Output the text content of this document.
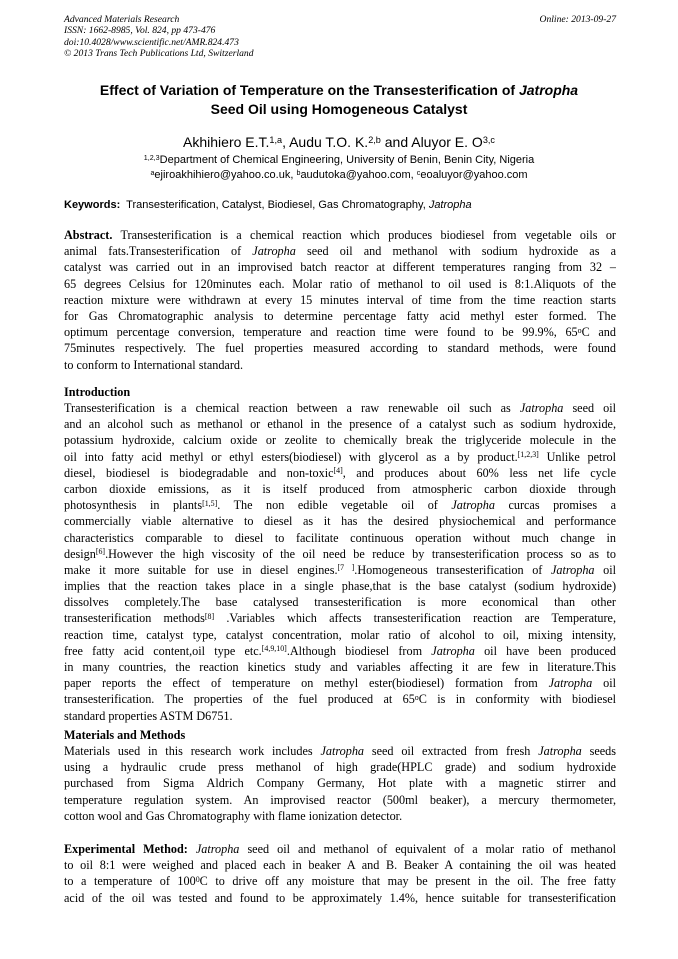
Advanced Materials Research
ISSN: 1662-8985, Vol. 824, pp 473-476
doi:10.4028/www.scientific.net/AMR.824.473
© 2013 Trans Tech Publications Ltd, Switzerland
Online: 2013-09-27
Effect of Variation of Temperature on the Transesterification of Jatropha
Seed Oil using Homogeneous Catalyst
Akhihiero E.T.$^{1,a}$, Audu T.O. K.$^{2,b}$ and Aluyor E. O$^{3,c}$
$^{1,2,3}$Department of Chemical Engineering, University of Benin, Benin City, Nigeria
$^a$ejiroakhihiero@yahoo.co.uk, $^b$audutoka@yahoo.com, $^c$eoaluyor@yahoo.com
Keywords: Transesterification, Catalyst, Biodiesel, Gas Chromatography, Jatropha
Abstract. Transesterification is a chemical reaction which produces biodiesel from vegetable oils or
animal fats.Transesterification of Jatropha seed oil and methanol with sodium hydroxide as a
catalyst was carried out in an improvised batch reactor at different temperatures ranging from 32 –
65 degrees Celsius for 120minutes each. Molar ratio of methanol to oil used is 8:1.Aliquots of the
reaction mixture were withdrawn at every 15 minutes interval of time from the time reaction starts
for Gas Chromatographic analysis to determine percentage fatty acid methyl ester formed. The
optimum percentage conversion, temperature and reaction time were found to be 99.9%, 65$^o$C and
75minutes respectively. The fuel properties measured according to standard methods, were found
to conform to International standard.
Introduction
Transesterification is a chemical reaction between a raw renewable oil such as Jatropha seed oil
and an alcohol such as methanol or ethanol in the presence of a catalyst such as sodium hydroxide,
potassium hydroxide, calcium oxide or zeolite to chemically break the triglyceride molecule in the
oil into fatty acid methyl or ethyl esters(biodiesel) with glycerol as a by product.[1,2,3] Unlike petrol
diesel, biodiesel is biodegradable and non-toxic[4], and produces about 60% less net life cycle
carbon dioxide emissions, as it is itself produced from atmospheric carbon dioxide through
photosynthesis in plants[1,5]. The non edible vegetable oil of Jatropha curcas promises a
commercially viable alternative to diesel as it has the desired physiochemical and performance
characteristics comparable to diesel to facilitate continuous operation without much change in
design[6].However the high viscosity of the oil need be reduce by transesterification process so as to
make it more suitable for use in diesel engines.[7 ].Homogeneous transesterification of Jatropha oil
implies that the reaction takes place in a single phase,that is the base catalyst (sodium hydroxide)
dissolves completely.The base catalysed transesterification is more economical than other
transesterification methods[8] .Variables which affects transesterification reaction are Temperature,
reaction time, catalyst type, catalyst concentration, molar ratio of alcohol to oil, mixing intensity,
free fatty acid content,oil type etc.[4,9,10].Although biodiesel from Jatropha oil have been produced
in many countries, the reaction kinetics study and variables affecting it are few in literature.This
paper reports the effect of temperature on methyl ester(biodiesel) formation from Jatropha oil
transesterification. The properties of the fuel produced at 65$^o$C is in conformity with biodiesel
standard properties ASTM D6751.
Materials and Methods
Materials used in this research work includes Jatropha seed oil extracted from fresh Jatropha seeds
using a hydraulic crude press methanol of high grade(HPLC grade) and sodium hydroxide
purchased from Sigma Aldrich Company Germany, Hot plate with a magnetic stirrer and
temperature regulation system. An improvised reactor (500ml beaker), a mercury thermometer,
cotton wool and Gas Chromatography with flame ionization detector.
Experimental Method: Jatropha seed oil and methanol of equivalent of a molar ratio of methanol
to oil 8:1 were weighed and placed each in beaker A and B. Beaker A containing the oil was heated
to a temperature of $100^0C$ to drive off any moisture that may be present in the oil. The free fatty
acid of the oil was tested and found to be approximately 1.4%, hence suitable for transesterification
